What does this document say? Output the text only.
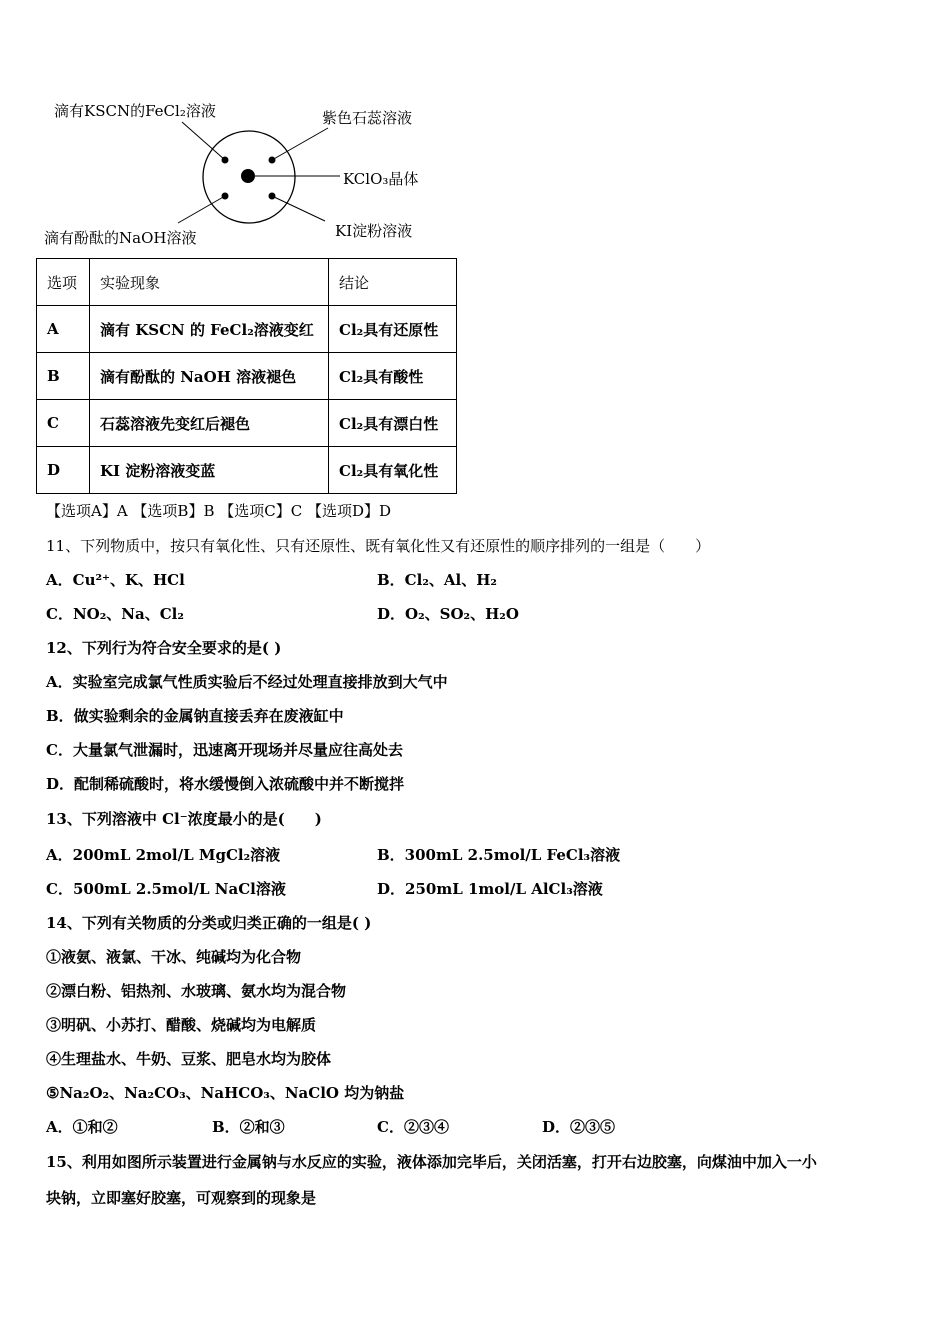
滴有KSCN的FeCl₂溶液	紫色石蕊溶液
KClO₃晶体
KI淀粉溶液
滴有酚酞的NaOH溶液
选项	实验现象	结论
A	滴有 KSCN 的 FeCl₂溶液变红	Cl₂具有还原性
B	滴有酚酞的 NaOH 溶液褪色	Cl₂具有酸性
C	石蕊溶液先变红后褪色	Cl₂具有漂白性
D	KI 淀粉溶液变蓝	Cl₂具有氧化性
【选项A】A 【选项B】B 【选项C】C 【选项D】D
11、下列物质中，按只有氧化性、只有还原性、既有氧化性又有还原性的顺序排列的一组是（　　）
A．Cu²⁺、K、HCl	B．Cl₂、Al、H₂
C．NO₂、Na、Cl₂	D．O₂、SO₂、H₂O
12、下列行为符合安全要求的是( )
A．实验室完成氯气性质实验后不经过处理直接排放到大气中
B．做实验剩余的金属钠直接丢弃在废液缸中
C．大量氯气泄漏时，迅速离开现场并尽量应往高处去
D．配制稀硫酸时，将水缓慢倒入浓硫酸中并不断搅拌
13、下列溶液中 Cl⁻浓度最小的是(　　)
A．200mL 2mol/L MgCl₂溶液	B．300mL 2.5mol/L FeCl₃溶液
C．500mL 2.5mol/L NaCl溶液	D．250mL 1mol/L AlCl₃溶液
14、下列有关物质的分类或归类正确的一组是( )
①液氨、液氯、干冰、纯碱均为化合物
②漂白粉、铝热剂、水玻璃、氨水均为混合物
③明矾、小苏打、醋酸、烧碱均为电解质
④生理盐水、牛奶、豆浆、肥皂水均为胶体
⑤Na₂O₂、Na₂CO₃、NaHCO₃、NaClO 均为钠盐
A．①和②	B．②和③	C．②③④	D．②③⑤
15、利用如图所示装置进行金属钠与水反应的实验，液体添加完毕后，关闭活塞，打开右边胶塞，向煤油中加入一小
块钠，立即塞好胶塞，可观察到的现象是
